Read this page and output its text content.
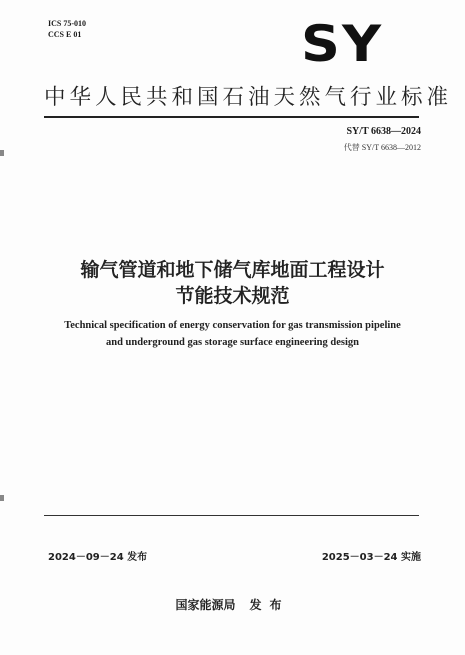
ICS 75-010
CCS E 01	SY
中华人民共和国石油天然气行业标准
SY/T 6638—2024
代替 SY/T 6638—2012
输气管道和地下储气库地面工程设计
节能技术规范
Technical specification of energy conservation for gas transmission pipeline
and underground gas storage surface engineering design
2024－09－24 发布	2025－03－24 实施
国家能源局 发布
